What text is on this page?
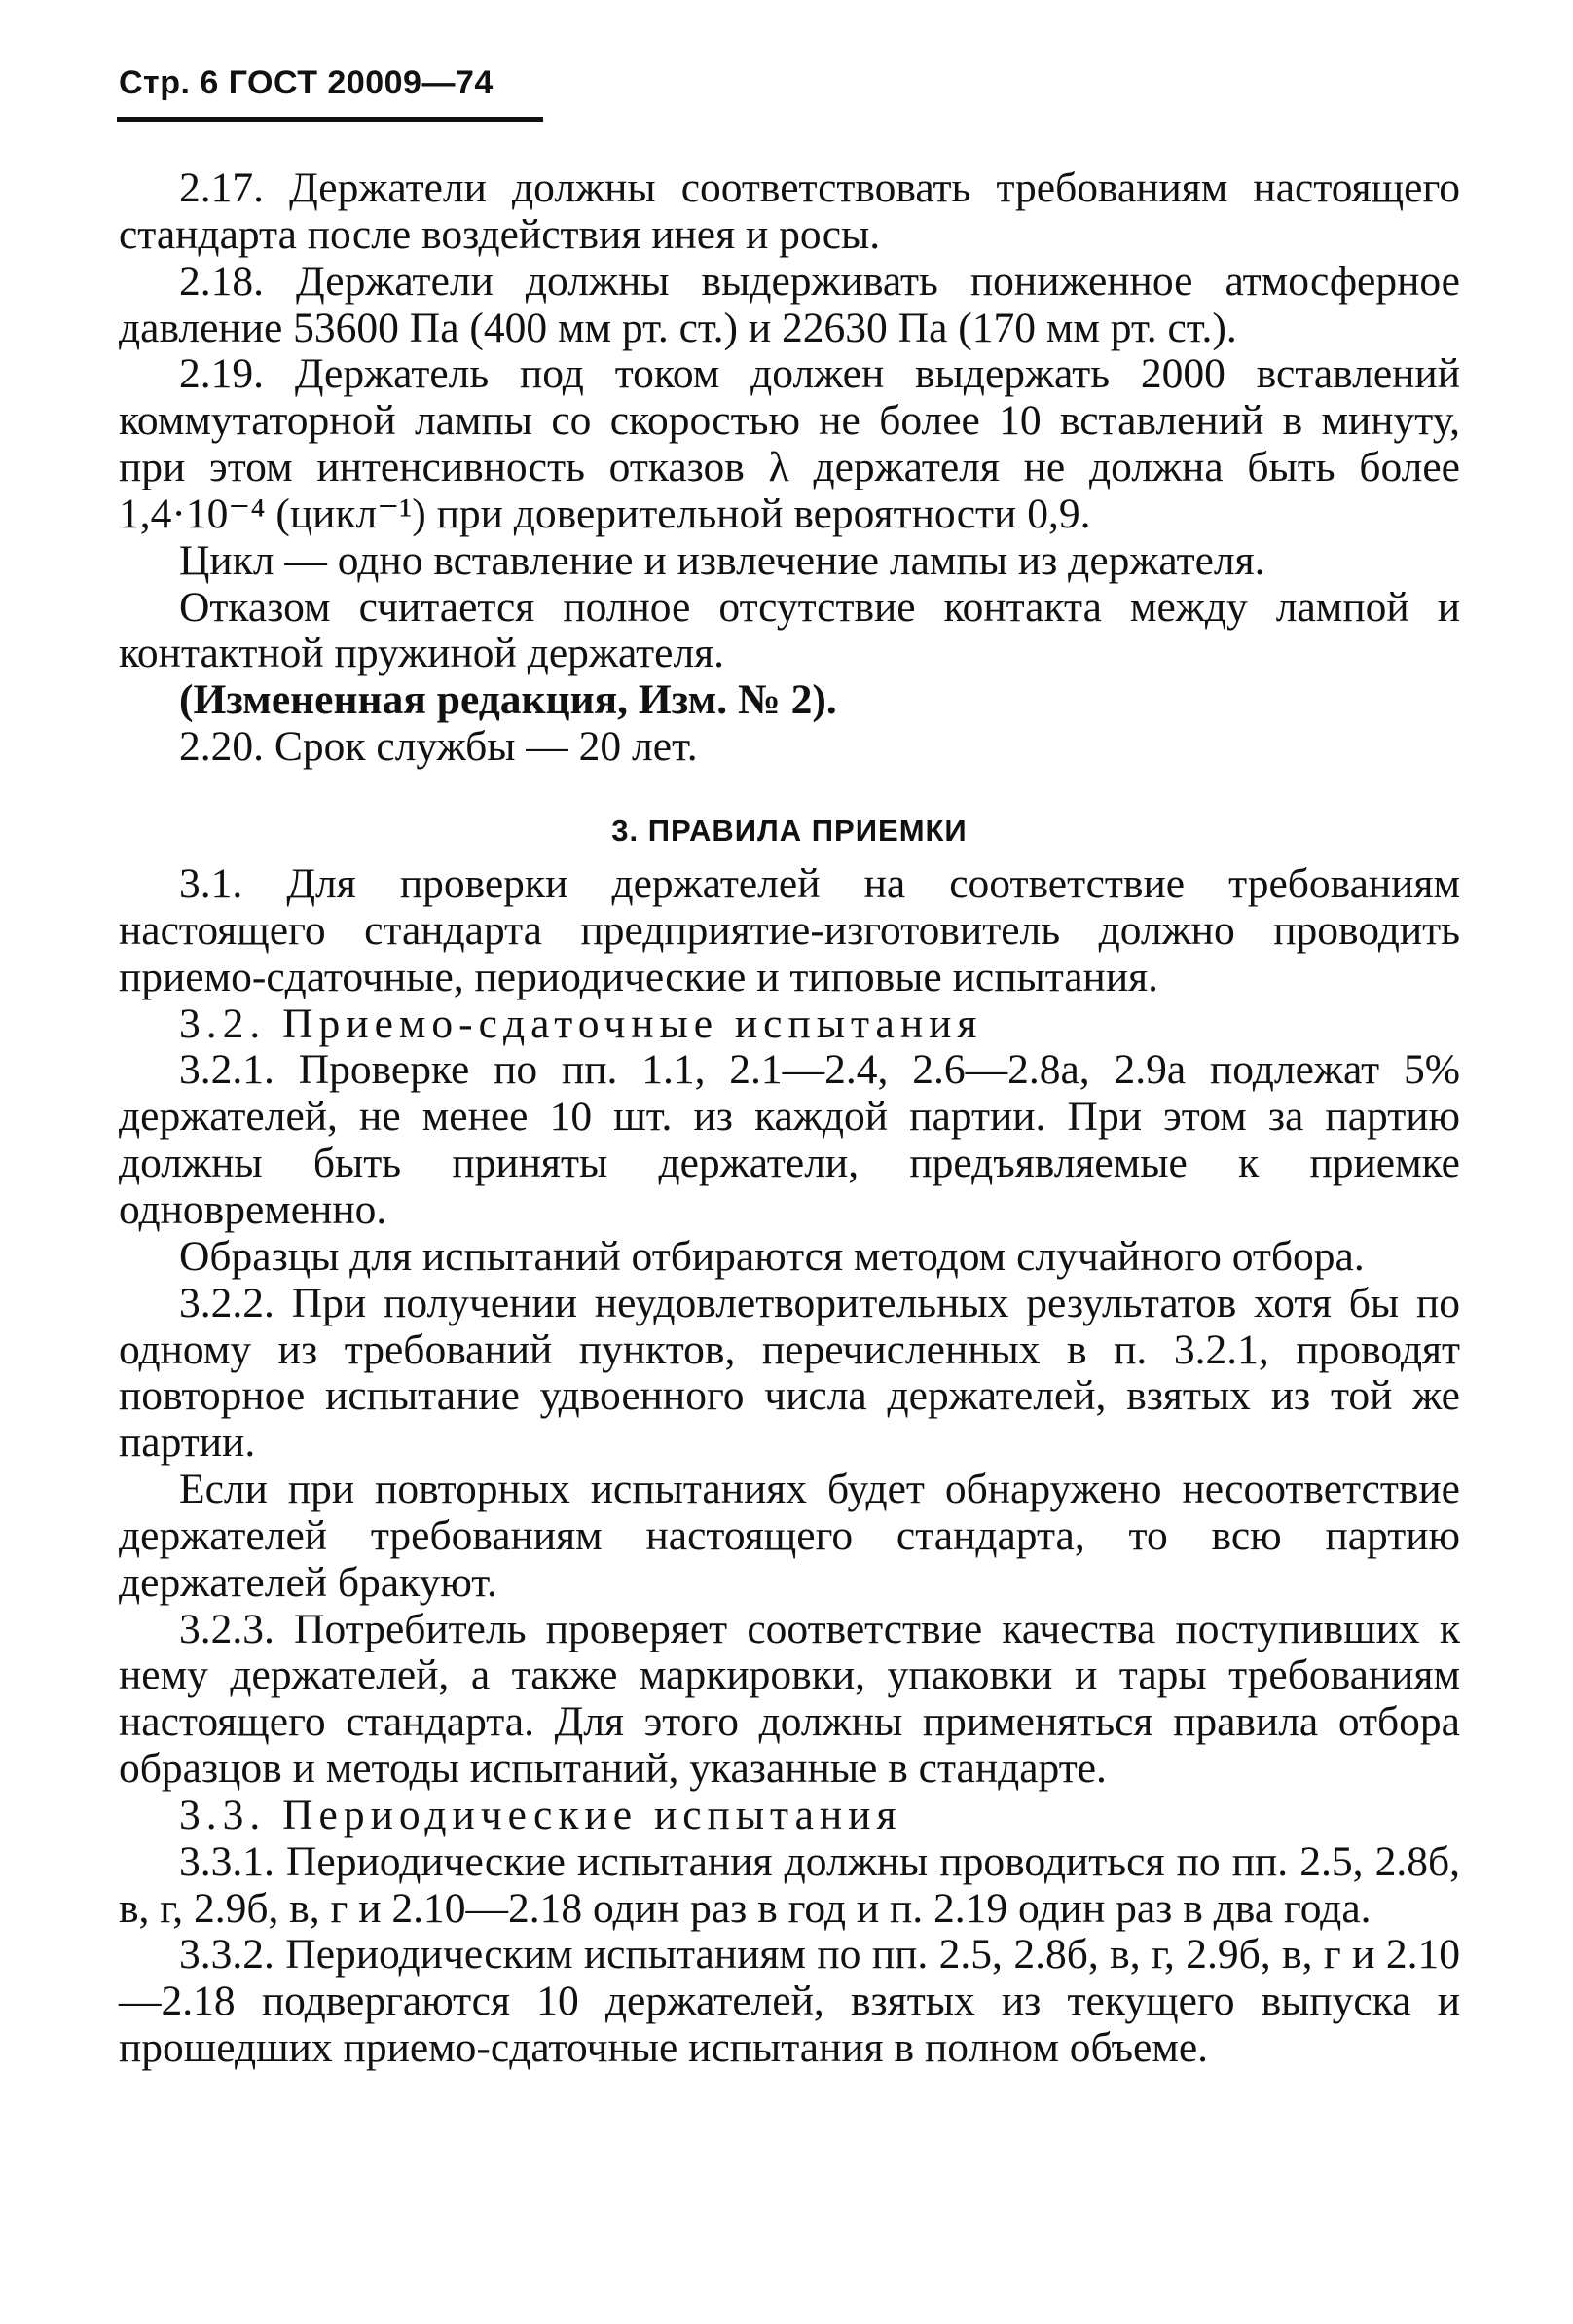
Стр. 6 ГОСТ 20009—74

2.17. Держатели должны соответствовать требованиям настоящего стандарта после воздействия инея и росы.

2.18. Держатели должны выдерживать пониженное атмосферное давление 53600 Па (400 мм рт. ст.) и 22630 Па (170 мм рт. ст.).

2.19. Держатель под током должен выдержать 2000 вставлений коммутаторной лампы со скоростью не более 10 вставлений в минуту, при этом интенсивность отказов λ держателя не должна быть более 1,4·10⁻⁴ (цикл⁻¹) при доверительной вероятности 0,9.

Цикл — одно вставление и извлечение лампы из держателя.

Отказом считается полное отсутствие контакта между лампой и контактной пружиной держателя.

(Измененная редакция, Изм. № 2).

2.20. Срок службы — 20 лет.

3. ПРАВИЛА ПРИЕМКИ

3.1. Для проверки держателей на соответствие требованиям настоящего стандарта предприятие-изготовитель должно проводить приемо-сдаточные, периодические и типовые испытания.

3.2. Приемо-сдаточные испытания

3.2.1. Проверке по пп. 1.1, 2.1—2.4, 2.6—2.8а, 2.9а подлежат 5% держателей, не менее 10 шт. из каждой партии. При этом за партию должны быть приняты держатели, предъявляемые к приемке одновременно.

Образцы для испытаний отбираются методом случайного отбора.

3.2.2. При получении неудовлетворительных результатов хотя бы по одному из требований пунктов, перечисленных в п. 3.2.1, проводят повторное испытание удвоенного числа держателей, взятых из той же партии.

Если при повторных испытаниях будет обнаружено несоответствие держателей требованиям настоящего стандарта, то всю партию держателей бракуют.

3.2.3. Потребитель проверяет соответствие качества поступивших к нему держателей, а также маркировки, упаковки и тары требованиям настоящего стандарта. Для этого должны применяться правила отбора образцов и методы испытаний, указанные в стандарте.

3.3. Периодические испытания

3.3.1. Периодические испытания должны проводиться по пп. 2.5, 2.8б, в, г, 2.9б, в, г и 2.10—2.18 один раз в год и п. 2.19 один раз в два года.

3.3.2. Периодическим испытаниям по пп. 2.5, 2.8б, в, г, 2.9б, в, г и 2.10—2.18 подвергаются 10 держателей, взятых из текущего выпуска и прошедших приемо-сдаточные испытания в полном объеме.
